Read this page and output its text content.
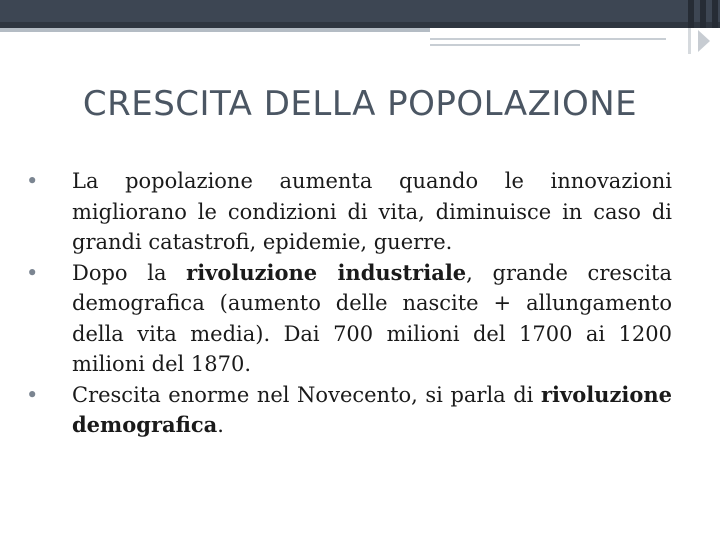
CRESCITA DELLA POPOLAZIONE
•	La popolazione aumenta quando le innovazioni migliorano le condizioni di vita, diminuisce in caso di grandi catastrofi, epidemie, guerre.
•	Dopo la rivoluzione industriale, grande crescita demografica (aumento delle nascite + allungamento della vita media). Dai 700 milioni del 1700 ai 1200 milioni del 1870.
•	Crescita enorme nel Novecento, si parla di rivoluzione demografica.
